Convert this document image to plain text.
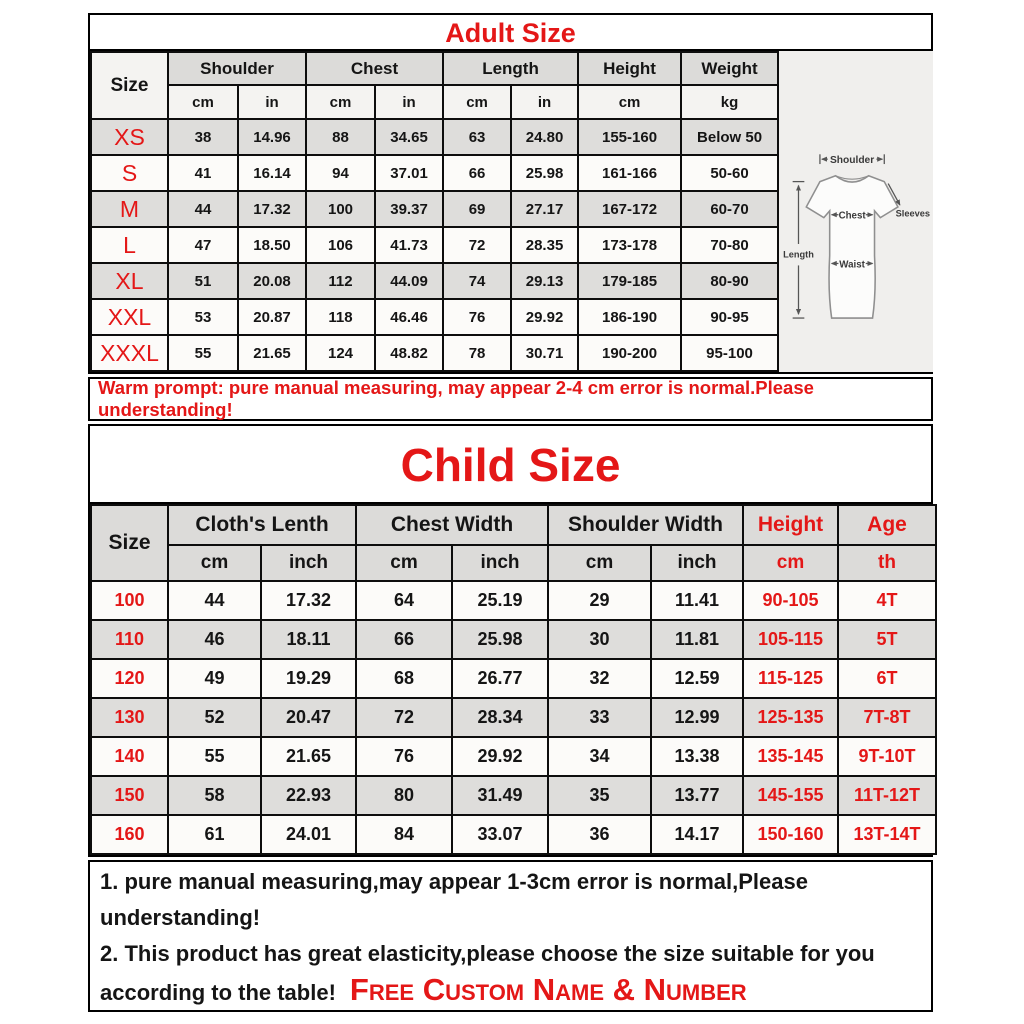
Adult Size
Size	Shoulder		Chest		Length		Height	Weight
	cm	in	cm	in	cm	in	cm	kg
XS	38	14.96	88	34.65	63	24.80	155-160	Below 50
S	41	16.14	94	37.01	66	25.98	161-166	50-60
M	44	17.32	100	39.37	69	27.17	167-172	60-70
L	47	18.50	106	41.73	72	28.35	173-178	70-80
XL	51	20.08	112	44.09	74	29.13	179-185	80-90
XXL	53	20.87	118	46.46	76	29.92	186-190	90-95
XXXL	55	21.65	124	48.82	78	30.71	190-200	95-100
Shoulder
Sleeves
Chest
Waist
Length
Warm prompt: pure manual measuring, may appear 2-4 cm error is normal.Please understanding!
Child Size
Size	Cloth's Lenth		Chest Width		Shoulder Width		Height	Age
	cm	inch	cm	inch	cm	inch	cm	th
100	44	17.32	64	25.19	29	11.41	90-105	4T
110	46	18.11	66	25.98	30	11.81	105-115	5T
120	49	19.29	68	26.77	32	12.59	115-125	6T
130	52	20.47	72	28.34	33	12.99	125-135	7T-8T
140	55	21.65	76	29.92	34	13.38	135-145	9T-10T
150	58	22.93	80	31.49	35	13.77	145-155	11T-12T
160	61	24.01	84	33.07	36	14.17	150-160	13T-14T

1. pure manual measuring,may appear 1-3cm error is normal,Please understanding!

2. This product has great elasticity,please choose the size suitable for you according to the table! Free Custom Name & Number
